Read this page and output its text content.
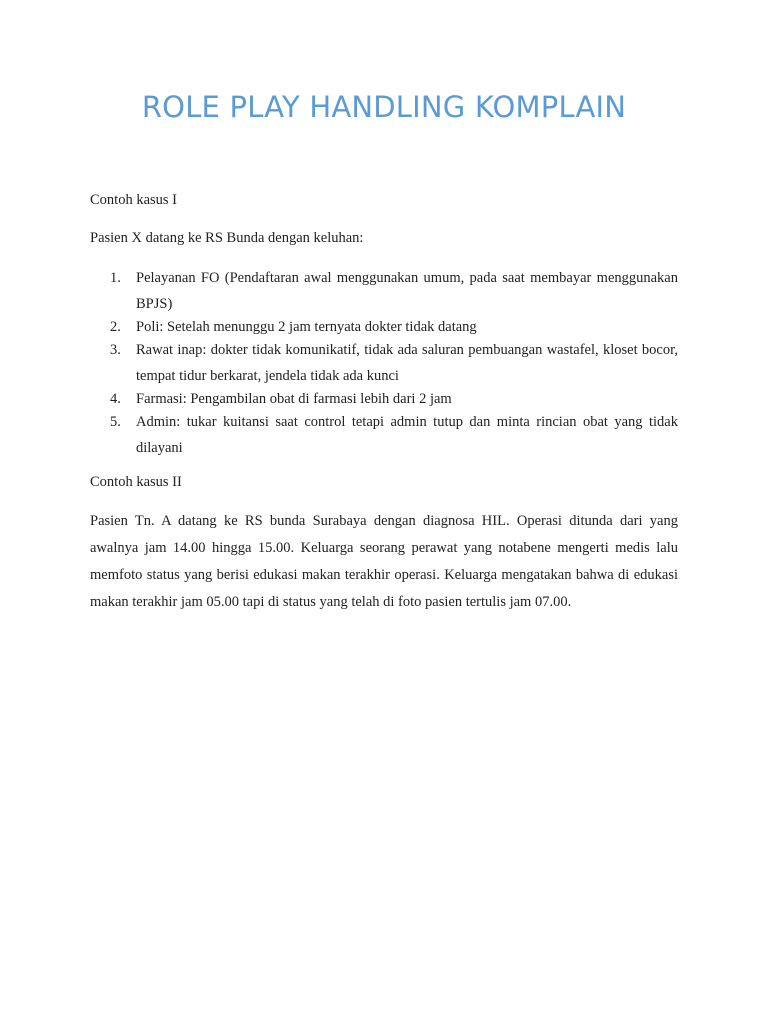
ROLE PLAY HANDLING KOMPLAIN

Contoh kasus I

Pasien X datang ke RS Bunda dengan keluhan:

1. Pelayanan FO (Pendaftaran awal menggunakan umum, pada saat membayar menggunakan BPJS)
2. Poli: Setelah menunggu 2 jam ternyata dokter tidak datang
3. Rawat inap: dokter tidak komunikatif, tidak ada saluran pembuangan wastafel, kloset bocor, tempat tidur berkarat, jendela tidak ada kunci
4. Farmasi: Pengambilan obat di farmasi lebih dari 2 jam
5. Admin: tukar kuitansi saat control tetapi admin tutup dan minta rincian obat yang tidak dilayani

Contoh kasus II

Pasien Tn. A datang ke RS bunda Surabaya dengan diagnosa HIL. Operasi ditunda dari yang awalnya jam 14.00 hingga 15.00. Keluarga seorang perawat yang notabene mengerti medis lalu memfoto status yang berisi edukasi makan terakhir operasi. Keluarga mengatakan bahwa di edukasi makan terakhir jam 05.00 tapi di status yang telah di foto pasien tertulis jam 07.00.
